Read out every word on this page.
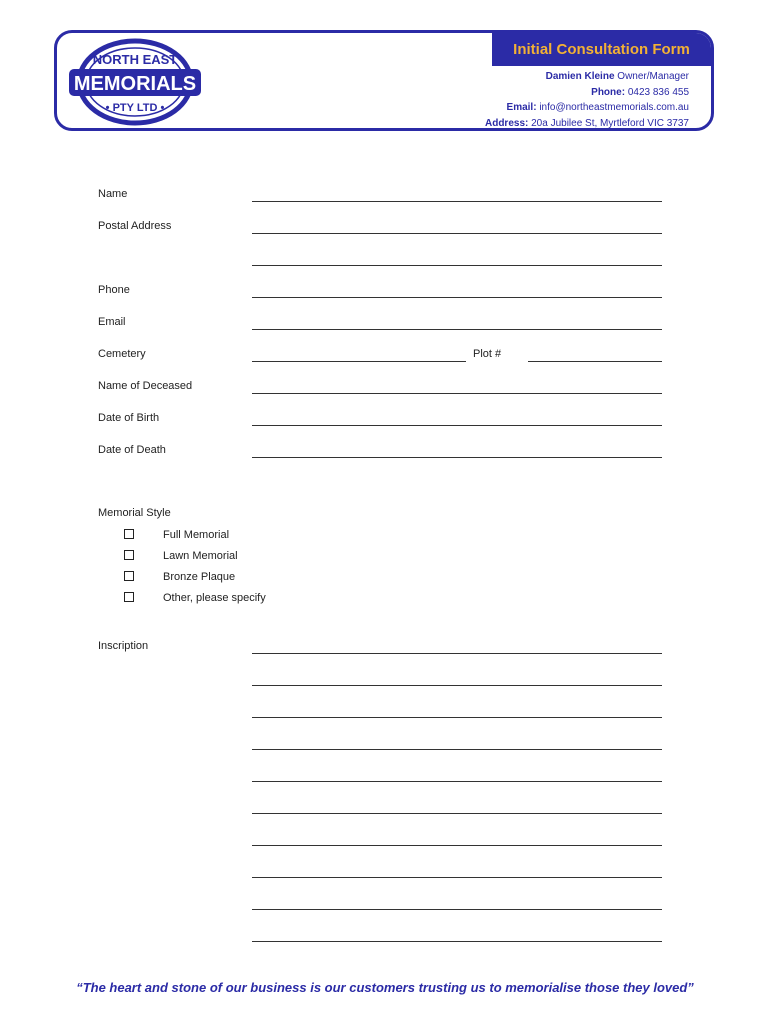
NORTH EAST
MEMORIALS
• PTY LTD •
Initial Consultation Form
Damien Kleine Owner/Manager
Phone: 0423 836 455
Email: info@northeastmemorials.com.au
Address: 20a Jubilee St, Myrtleford VIC 3737
Name
Postal Address
Phone
Email
Cemetery	Plot #
Name of Deceased
Date of Birth
Date of Death
Memorial Style
Full Memorial
Lawn Memorial
Bronze Plaque
Other, please specify
Inscription
“The heart and stone of our business is our customers trusting us to memorialise those they loved”
